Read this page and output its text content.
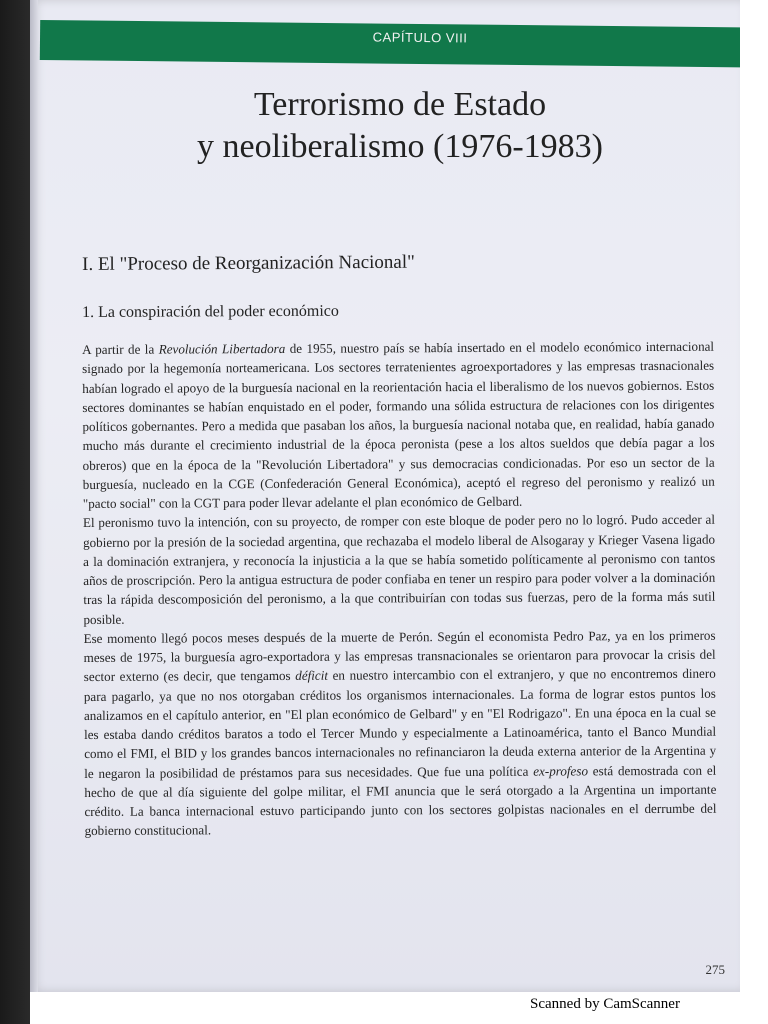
CAPÍTULO VIII
Terrorismo de Estado
y neoliberalismo (1976-1983)
I. El "Proceso de Reorganización Nacional"
1. La conspiración del poder económico

A partir de la Revolución Libertadora de 1955, nuestro país se había insertado en el modelo económico internacional signado por la hegemonía norteamericana. Los sectores terratenientes agroexportadores y las empresas trasnacionales habían logrado el apoyo de la burguesía nacional en la reorientación hacia el liberalismo de los nuevos gobiernos. Estos sectores dominantes se habían enquistado en el poder, formando una sólida estructura de relaciones con los dirigentes políticos gobernantes. Pero a medida que pasaban los años, la burguesía nacional notaba que, en realidad, había ganado mucho más durante el crecimiento industrial de la época peronista (pese a los altos sueldos que debía pagar a los obreros) que en la época de la "Revolución Libertadora" y sus democracias condicionadas. Por eso un sector de la burguesía, nucleado en la CGE (Confederación General Económica), aceptó el regreso del peronismo y realizó un "pacto social" con la CGT para poder llevar adelante el plan económico de Gelbard.

El peronismo tuvo la intención, con su proyecto, de romper con este bloque de poder pero no lo logró. Pudo acceder al gobierno por la presión de la sociedad argentina, que rechazaba el modelo liberal de Alsogaray y Krieger Vasena ligado a la dominación extranjera, y reconocía la injusticia a la que se había sometido políticamente al peronismo con tantos años de proscripción. Pero la antigua estructura de poder confiaba en tener un respiro para poder volver a la dominación tras la rápida descomposición del peronismo, a la que contribuirían con todas sus fuerzas, pero de la forma más sutil posible.

Ese momento llegó pocos meses después de la muerte de Perón. Según el economista Pedro Paz, ya en los primeros meses de 1975, la burguesía agro-exportadora y las empresas transnacionales se orientaron para provocar la crisis del sector externo (es decir, que tengamos déficit en nuestro intercambio con el extranjero, y que no encontremos dinero para pagarlo, ya que no nos otorgaban créditos los organismos internacionales. La forma de lograr estos puntos los analizamos en el capítulo anterior, en "El plan económico de Gelbard" y en "El Rodrigazo". En una época en la cual se les estaba dando créditos baratos a todo el Tercer Mundo y especialmente a Latinoamérica, tanto el Banco Mundial como el FMI, el BID y los grandes bancos internacionales no refinanciaron la deuda externa anterior de la Argentina y le negaron la posibilidad de préstamos para sus necesidades. Que fue una política ex-profeso está demostrada con el hecho de que al día siguiente del golpe militar, el FMI anuncia que le será otorgado a la Argentina un importante crédito. La banca internacional estuvo participando junto con los sectores golpistas nacionales en el derrumbe del gobierno constitucional.

275
Scanned by CamScanner
